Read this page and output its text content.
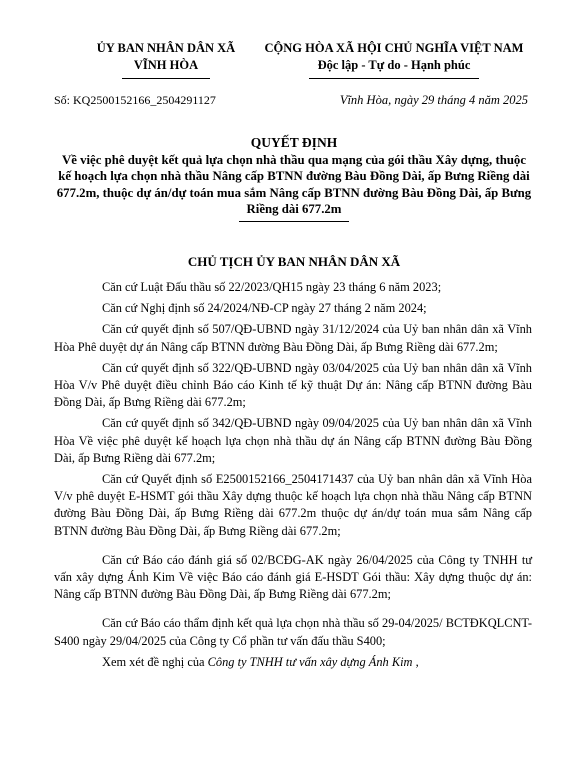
ỦY BAN NHÂN DÂN XÃ
VĨNH HÒA
CỘNG HÒA XÃ HỘI CHỦ NGHĨA VIỆT NAM
Độc lập - Tự do - Hạnh phúc
Số: KQ2500152166_2504291127	Vĩnh Hòa, ngày 29 tháng 4 năm 2025
QUYẾT ĐỊNH
Về việc phê duyệt kết quả lựa chọn nhà thầu qua mạng của gói thầu Xây dựng, thuộc kế hoạch lựa chọn nhà thầu Nâng cấp BTNN đường Bàu Đồng Dài, ấp Bưng Riềng dài 677.2m, thuộc dự án/dự toán mua sắm Nâng cấp BTNN đường Bàu Đồng Dài, ấp Bưng Riềng dài 677.2m
CHỦ TỊCH ỦY BAN NHÂN DÂN XÃ

Căn cứ Luật Đấu thầu số 22/2023/QH15 ngày 23 tháng 6 năm 2023;

Căn cứ Nghị định số 24/2024/NĐ-CP ngày 27 tháng 2 năm 2024;

Căn cứ quyết định số 507/QĐ-UBND ngày 31/12/2024 của Uỷ ban nhân dân xã Vĩnh Hòa Phê duyệt dự án Nâng cấp BTNN đường Bàu Đồng Dài, ấp Bưng Riềng dài 677.2m;

Căn cứ quyết định số 322/QĐ-UBND ngày 03/04/2025 của Uỷ ban nhân dân xã Vĩnh Hòa V/v Phê duyệt điều chỉnh Báo cáo Kinh tế kỹ thuật Dự án: Nâng cấp BTNN đường Bàu Đồng Dài, ấp Bưng Riềng dài 677.2m;

Căn cứ quyết định số 342/QĐ-UBND ngày 09/04/2025 của Uỷ ban nhân dân xã Vĩnh Hòa Về việc phê duyệt kế hoạch lựa chọn nhà thầu dự án Nâng cấp BTNN đường Bàu Đồng Dài, ấp Bưng Riềng dài 677.2m;

Căn cứ Quyết định số E2500152166_2504171437 của Uỷ ban nhân dân xã Vĩnh Hòa V/v phê duyệt E-HSMT gói thầu Xây dựng thuộc kế hoạch lựa chọn nhà thầu Nâng cấp BTNN đường Bàu Đồng Dài, ấp Bưng Riềng dài 677.2m thuộc dự án/dự toán mua sắm Nâng cấp BTNN đường Bàu Đồng Dài, ấp Bưng Riềng dài 677.2m;

Căn cứ Báo cáo đánh giá số 02/BCĐG-AK ngày 26/04/2025 của Công ty TNHH tư vấn xây dựng Ánh Kim Về việc Báo cáo đánh giá E-HSDT Gói thầu: Xây dựng thuộc dự án: Nâng cấp BTNN đường Bàu Đồng Dài, ấp Bưng Riềng dài 677.2m;

Căn cứ Báo cáo thẩm định kết quả lựa chọn nhà thầu số 29-04/2025/ BCTĐKQLCNT-S400 ngày 29/04/2025 của Công ty Cổ phần tư vấn đấu thầu S400;

Xem xét đề nghị của Công ty TNHH tư vấn xây dựng Ánh Kim ,
